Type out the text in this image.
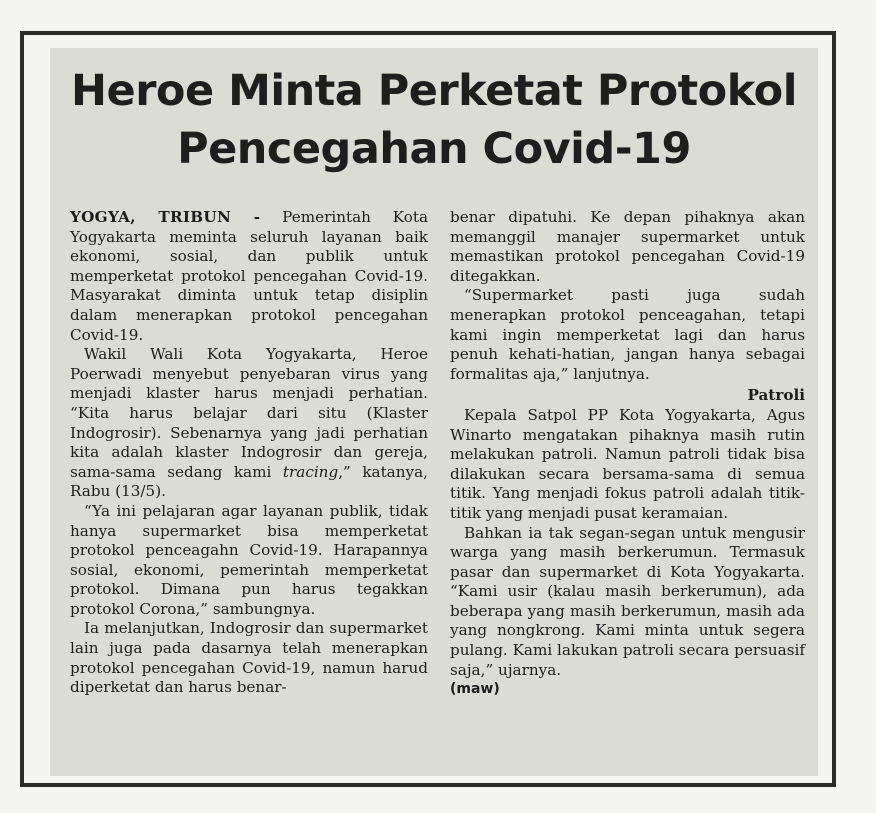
Heroe Minta Perketat Protokol
Pencegahan Covid-19

YOGYA, TRIBUN - Pemerintah Kota Yogyakarta meminta seluruh layanan baik ekonomi, sosial, dan publik untuk memperketat protokol pencegahan Covid-19. Masyarakat diminta untuk tetap disiplin dalam menerapkan protokol pencegahan Covid-19.

Wakil Wali Kota Yogyakarta, Heroe Poerwadi menyebut penyebaran virus yang menjadi klaster harus menjadi perhatian. “Kita harus belajar dari situ (Klaster Indogrosir). Sebenarnya yang jadi perhatian kita adalah klaster Indogrosir dan gereja, sama-sama sedang kami tracing,” katanya, Rabu (13/5).

“Ya ini pelajaran agar layanan publik, tidak hanya supermarket bisa memperketat protokol penceagahn Covid-19. Harapannya sosial, ekonomi, pemerintah memperketat protokol. Dimana pun harus tegakkan protokol Corona,” sambungnya.

Ia melanjutkan, Indogrosir dan supermarket lain juga pada dasarnya telah menerapkan protokol pencegahan Covid-19, namun harud diperketat dan harus benar-

benar dipatuhi. Ke depan pihaknya akan memanggil manajer supermarket untuk memastikan protokol pencegahan Covid-19 ditegakkan.

“Supermarket pasti juga sudah menerapkan protokol penceagahan, tetapi kami ingin memperketat lagi dan harus penuh kehati-hatian, jangan hanya sebagai formalitas aja,” lanjutnya.

Patroli

Kepala Satpol PP Kota Yogyakarta, Agus Winarto mengatakan pihaknya masih rutin melakukan patroli. Namun patroli tidak bisa dilakukan secara bersama-sama di semua titik. Yang menjadi fokus patroli adalah titik-titik yang menjadi pusat keramaian.

Bahkan ia tak segan-segan untuk mengusir warga yang masih berkerumun. Termasuk pasar dan supermarket di Kota Yogyakarta. “Kami usir (kalau masih berkerumun), ada beberapa yang masih berkerumun, masih ada yang nongkrong. Kami minta untuk segera pulang. Kami lakukan patroli secara persuasif saja,” ujarnya.

(maw)
